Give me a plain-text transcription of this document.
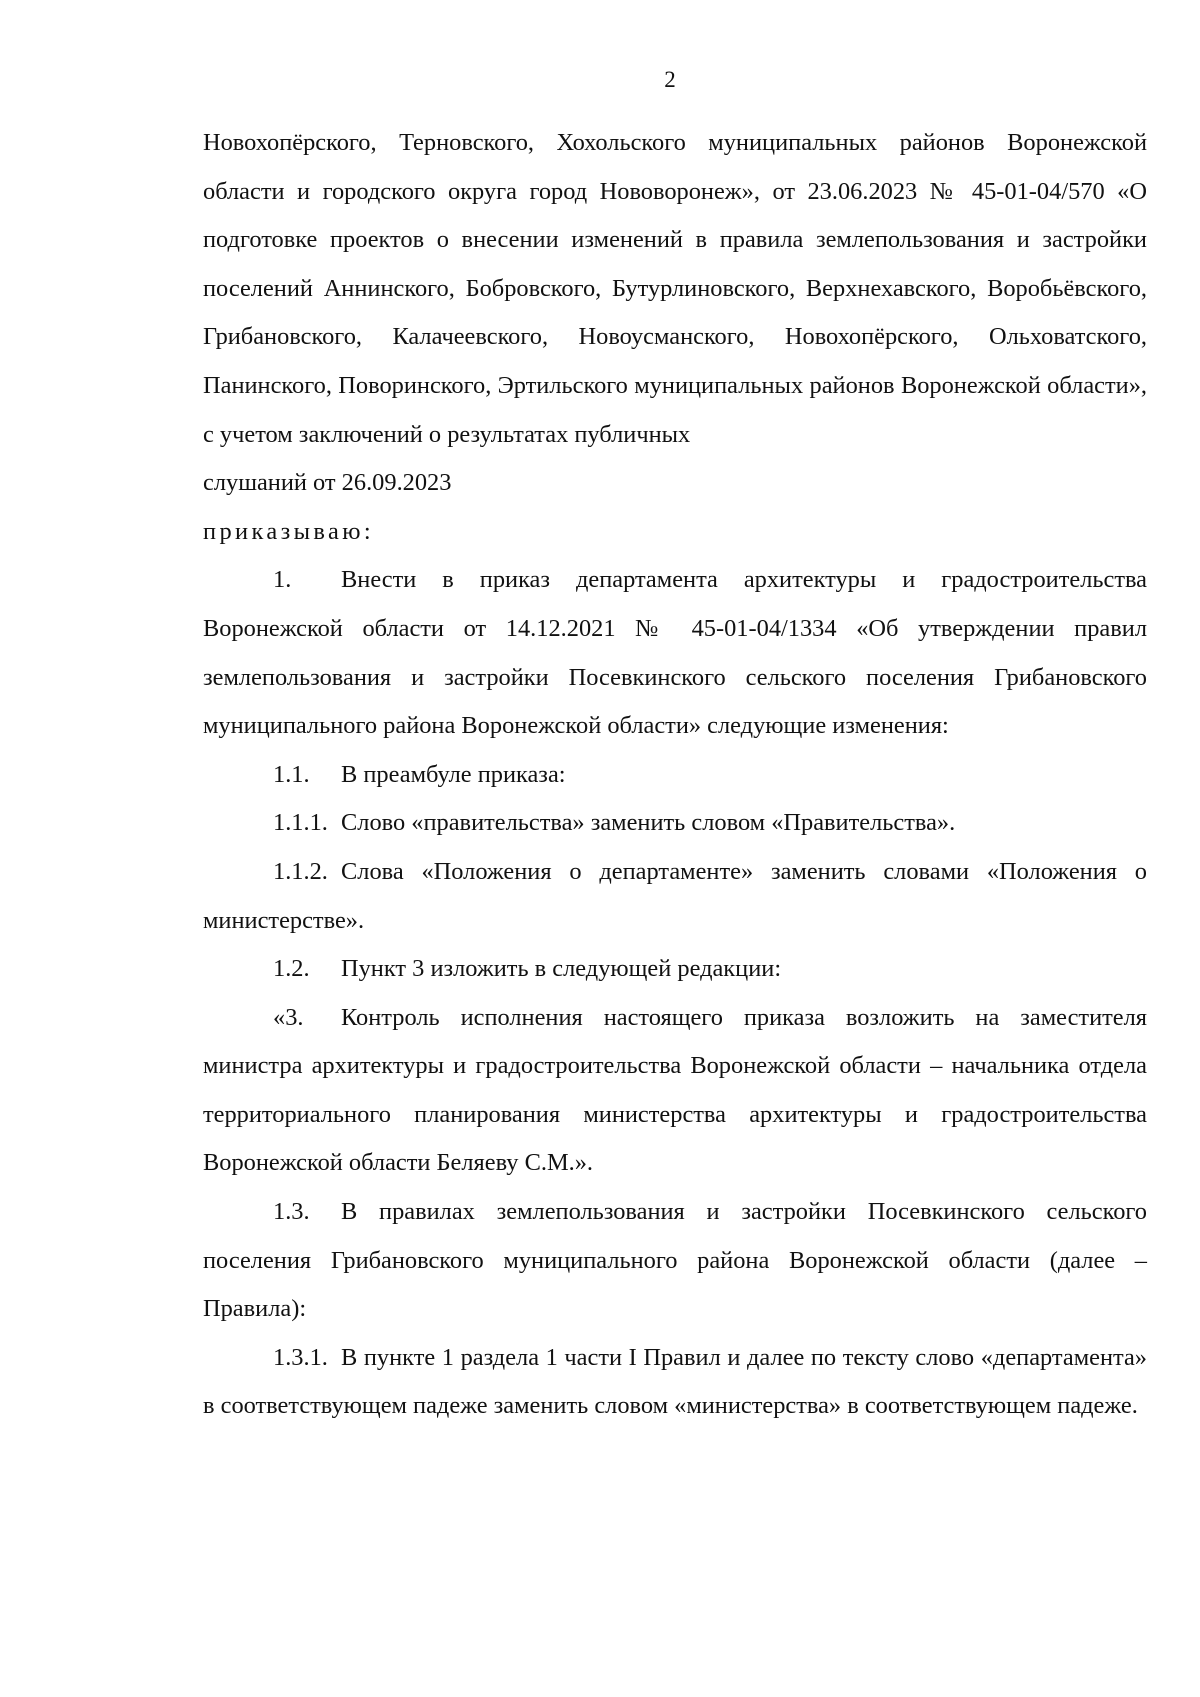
2

Новохопёрского, Терновского, Хохольского муниципальных районов Воронежской области и городского округа город Нововоронеж», от 23.06.2023 № 45-01-04/570 «О подготовке проектов о внесении изменений в правила землепользования и застройки поселений Аннинского, Бобровского, Бутурлиновского, Верхнехавского, Воробьёвского, Грибановского, Калачеевского, Новоусманского, Новохопёрского, Ольховатского, Панинского, Поворинского, Эртильского муниципальных районов Воронежской области», с учетом заключений о результатах публичных

слушаний от 26.09.2023

приказываю:

1. Внести в приказ департамента архитектуры и градостроительства Воронежской области от 14.12.2021 № 45-01-04/1334 «Об утверждении правил землепользования и застройки Посевкинского сельского поселения Грибановского муниципального района Воронежской области» следующие изменения:

1.1. В преамбуле приказа:

1.1.1. Слово «правительства» заменить словом «Правительства».

1.1.2. Слова «Положения о департаменте» заменить словами «Положения о министерстве».

1.2. Пункт 3 изложить в следующей редакции:

«3. Контроль исполнения настоящего приказа возложить на заместителя министра архитектуры и градостроительства Воронежской области – начальника отдела территориального планирования министерства архитектуры и градостроительства Воронежской области Беляеву С.М.».

1.3. В правилах землепользования и застройки Посевкинского сельского поселения Грибановского муниципального района Воронежской области (далее – Правила):

1.3.1. В пункте 1 раздела 1 части I Правил и далее по тексту слово «департамента» в соответствующем падеже заменить словом «министерства» в соответствующем падеже.
